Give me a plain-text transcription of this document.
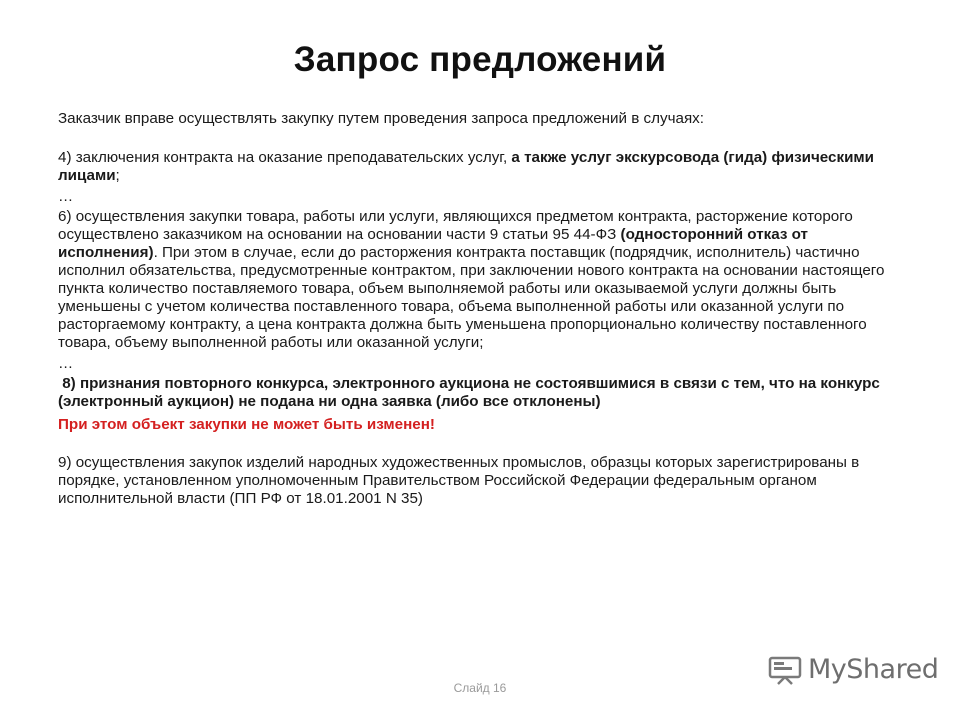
Запрос предложений

Заказчик вправе осуществлять закупку путем проведения запроса предложений в случаях:

4) заключения контракта на оказание преподавательских услуг, а также услуг экскурсовода (гида) физическими лицами;

…

6) осуществления закупки товара, работы или услуги, являющихся предметом контракта, расторжение которого осуществлено заказчиком на основании на основании части 9 статьи 95 44-ФЗ (односторонний отказ от исполнения). При этом в случае, если до расторжения контракта поставщик (подрядчик, исполнитель) частично исполнил обязательства, предусмотренные контрактом, при заключении нового контракта на основании настоящего пункта количество поставляемого товара, объем выполняемой работы или оказываемой услуги должны быть уменьшены с учетом количества поставленного товара, объема выполненной работы или оказанной услуги по расторгаемому контракту, а цена контракта должна быть уменьшена пропорционально количеству поставленного товара, объему выполненной работы или оказанной услуги;

…

8) признания повторного конкурса, электронного аукциона не состоявшимися в связи с тем, что на конкурс (электронный аукцион) не подана ни одна заявка (либо все отклонены)

При этом объект закупки не может быть изменен!

9) осуществления закупок изделий народных художественных промыслов, образцы которых зарегистрированы в порядке, установленном уполномоченным Правительством Российской Федерации федеральным органом исполнительной власти (ПП РФ от 18.01.2001 N 35)

Слайд 16
MyShared
